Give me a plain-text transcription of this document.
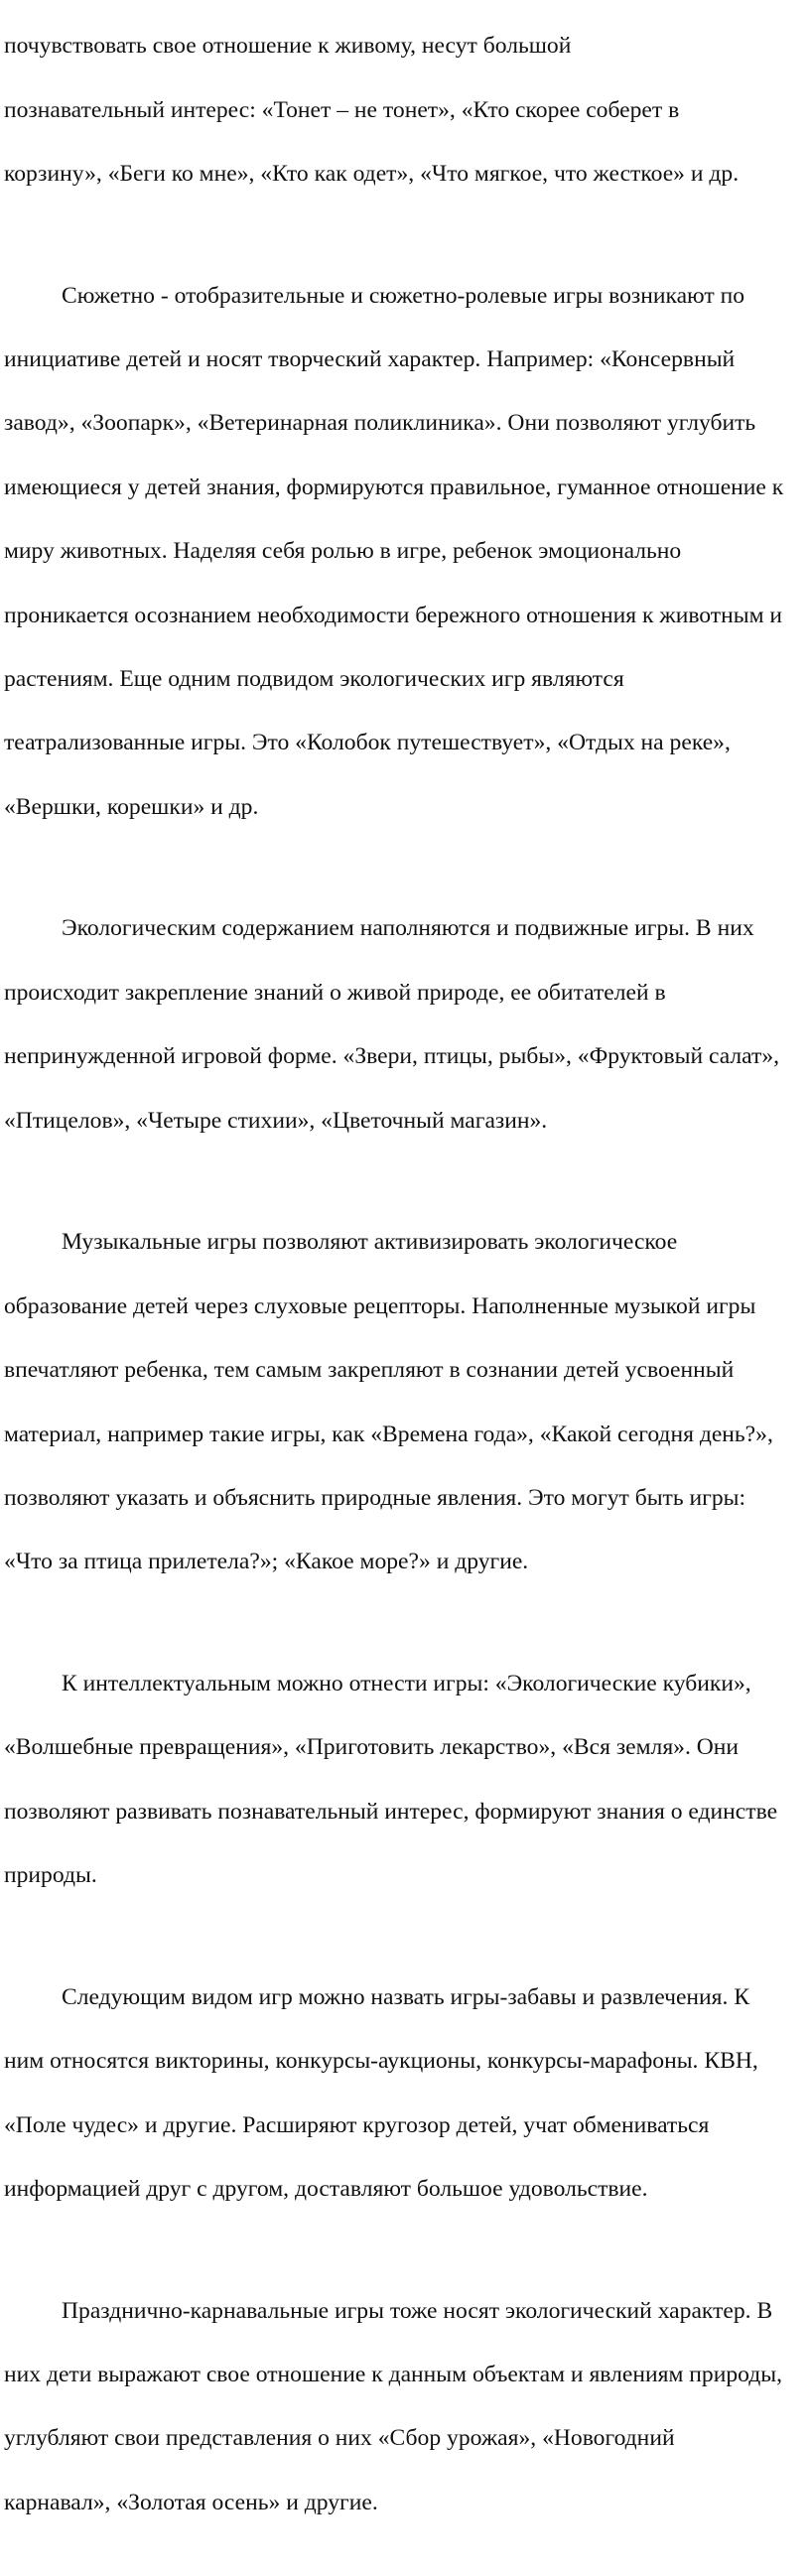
почувствовать свое отношение к живому, несут большой

познавательный интерес: «Тонет – не тонет», «Кто скорее соберет в

корзину», «Беги ко мне», «Кто как одет», «Что мягкое, что жесткое» и др.

Сюжетно - отобразительные и сюжетно-ролевые игры возникают по

инициативе детей и носят творческий характер. Например: «Консервный

завод», «Зоопарк», «Ветеринарная поликлиника». Они позволяют углубить

имеющиеся у детей знания, формируются правильное, гуманное отношение к

миру животных. Наделяя себя ролью в игре, ребенок эмоционально

проникается осознанием необходимости бережного отношения к животным и

растениям. Еще одним подвидом экологических игр являются

театрализованные игры. Это «Колобок путешествует», «Отдых на реке»,

«Вершки, корешки» и др.

Экологическим содержанием наполняются и подвижные игры. В них

происходит закрепление знаний о живой природе, ее обитателей в

непринужденной игровой форме. «Звери, птицы, рыбы», «Фруктовый салат»,

«Птицелов», «Четыре стихии», «Цветочный магазин».

Музыкальные игры позволяют активизировать экологическое

образование детей через слуховые рецепторы. Наполненные музыкой игры

впечатляют ребенка, тем самым закрепляют в сознании детей усвоенный

материал, например такие игры, как «Времена года», «Какой сегодня день?»,

позволяют указать и объяснить природные явления. Это могут быть игры:

«Что за птица прилетела?»; «Какое море?» и другие.

К интеллектуальным можно отнести игры: «Экологические кубики»,

«Волшебные превращения», «Приготовить лекарство», «Вся земля». Они

позволяют развивать познавательный интерес, формируют знания о единстве

природы.

Следующим видом игр можно назвать игры-забавы и развлечения. К

ним относятся викторины, конкурсы-аукционы, конкурсы-марафоны. КВН,

«Поле чудес» и другие. Расширяют кругозор детей, учат обмениваться

информацией друг с другом, доставляют большое удовольствие.

Празднично-карнавальные игры тоже носят экологический характер. В

них дети выражают свое отношение к данным объектам и явлениям природы,

углубляют свои представления о них «Сбор урожая», «Новогодний

карнавал», «Золотая осень» и другие.
